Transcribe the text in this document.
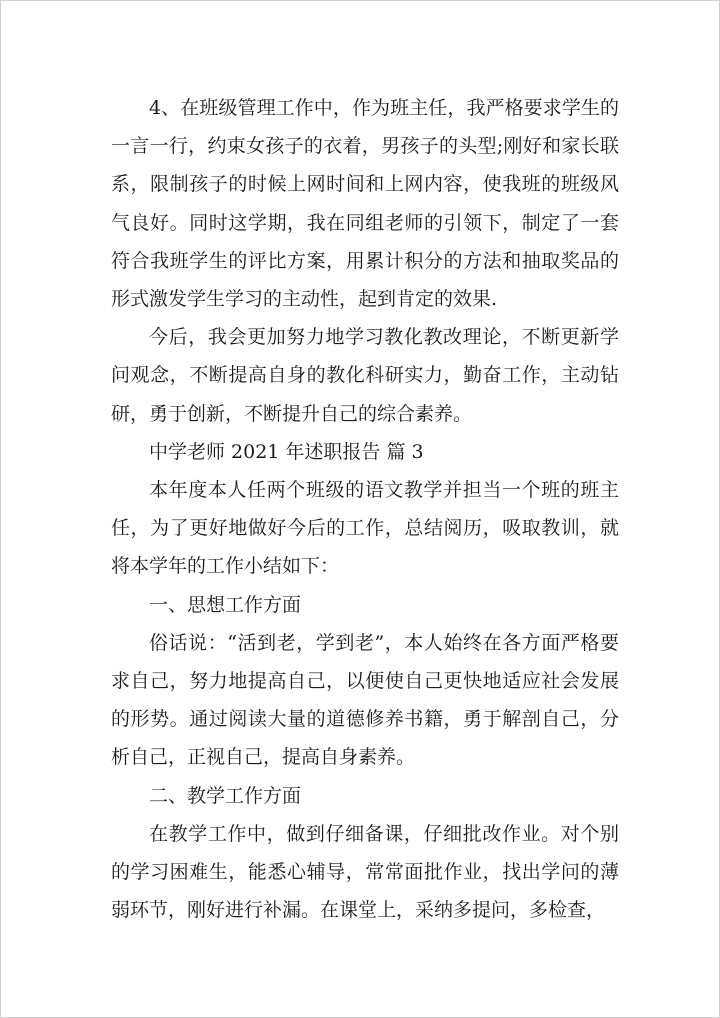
4、在班级管理工作中，作为班主任，我严格要求学生的一言一行，约束女孩子的衣着，男孩子的头型;刚好和家长联系，限制孩子的时候上网时间和上网内容，使我班的班级风气良好。同时这学期，我在同组老师的引领下，制定了一套符合我班学生的评比方案，用累计积分的方法和抽取奖品的形式激发学生学习的主动性，起到肯定的效果.

今后，我会更加努力地学习教化教改理论，不断更新学问观念，不断提高自身的教化科研实力，勤奋工作，主动钻研，勇于创新，不断提升自己的综合素养。

中学老师 2021 年述职报告 篇 3

本年度本人任两个班级的语文教学并担当一个班的班主任，为了更好地做好今后的工作，总结阅历，吸取教训，就将本学年的工作小结如下：

一、思想工作方面

俗话说：“活到老，学到老”，本人始终在各方面严格要求自己，努力地提高自己，以便使自己更快地适应社会发展的形势。通过阅读大量的道德修养书籍，勇于解剖自己，分析自己，正视自己，提高自身素养。

二、教学工作方面

在教学工作中，做到仔细备课，仔细批改作业。对个别的学习困难生，能悉心辅导，常常面批作业，找出学问的薄弱环节，刚好进行补漏。在课堂上，采纳多提问，多检查，
